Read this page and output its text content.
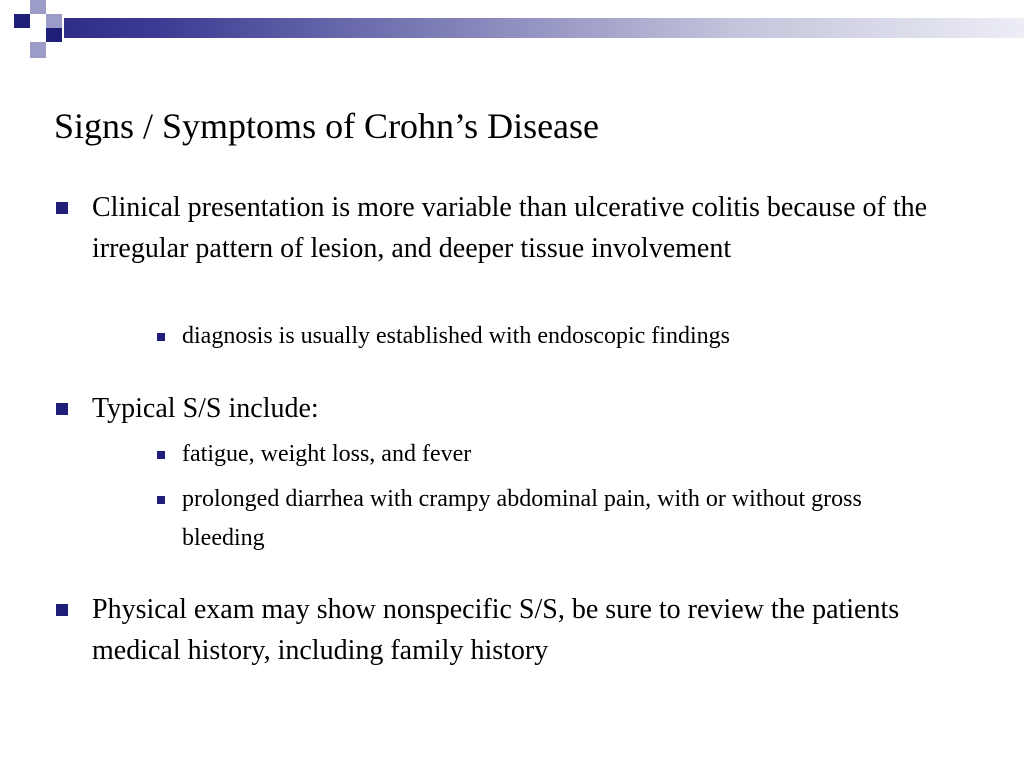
Signs / Symptoms of Crohn’s Disease
Clinical presentation is more variable than ulcerative colitis because of the irregular pattern of lesion, and deeper tissue involvement
diagnosis is usually established with endoscopic findings
Typical S/S include:
fatigue, weight loss, and fever
prolonged diarrhea with crampy abdominal pain, with or without gross bleeding
Physical exam may show nonspecific S/S, be sure to review the patients medical history, including family history
